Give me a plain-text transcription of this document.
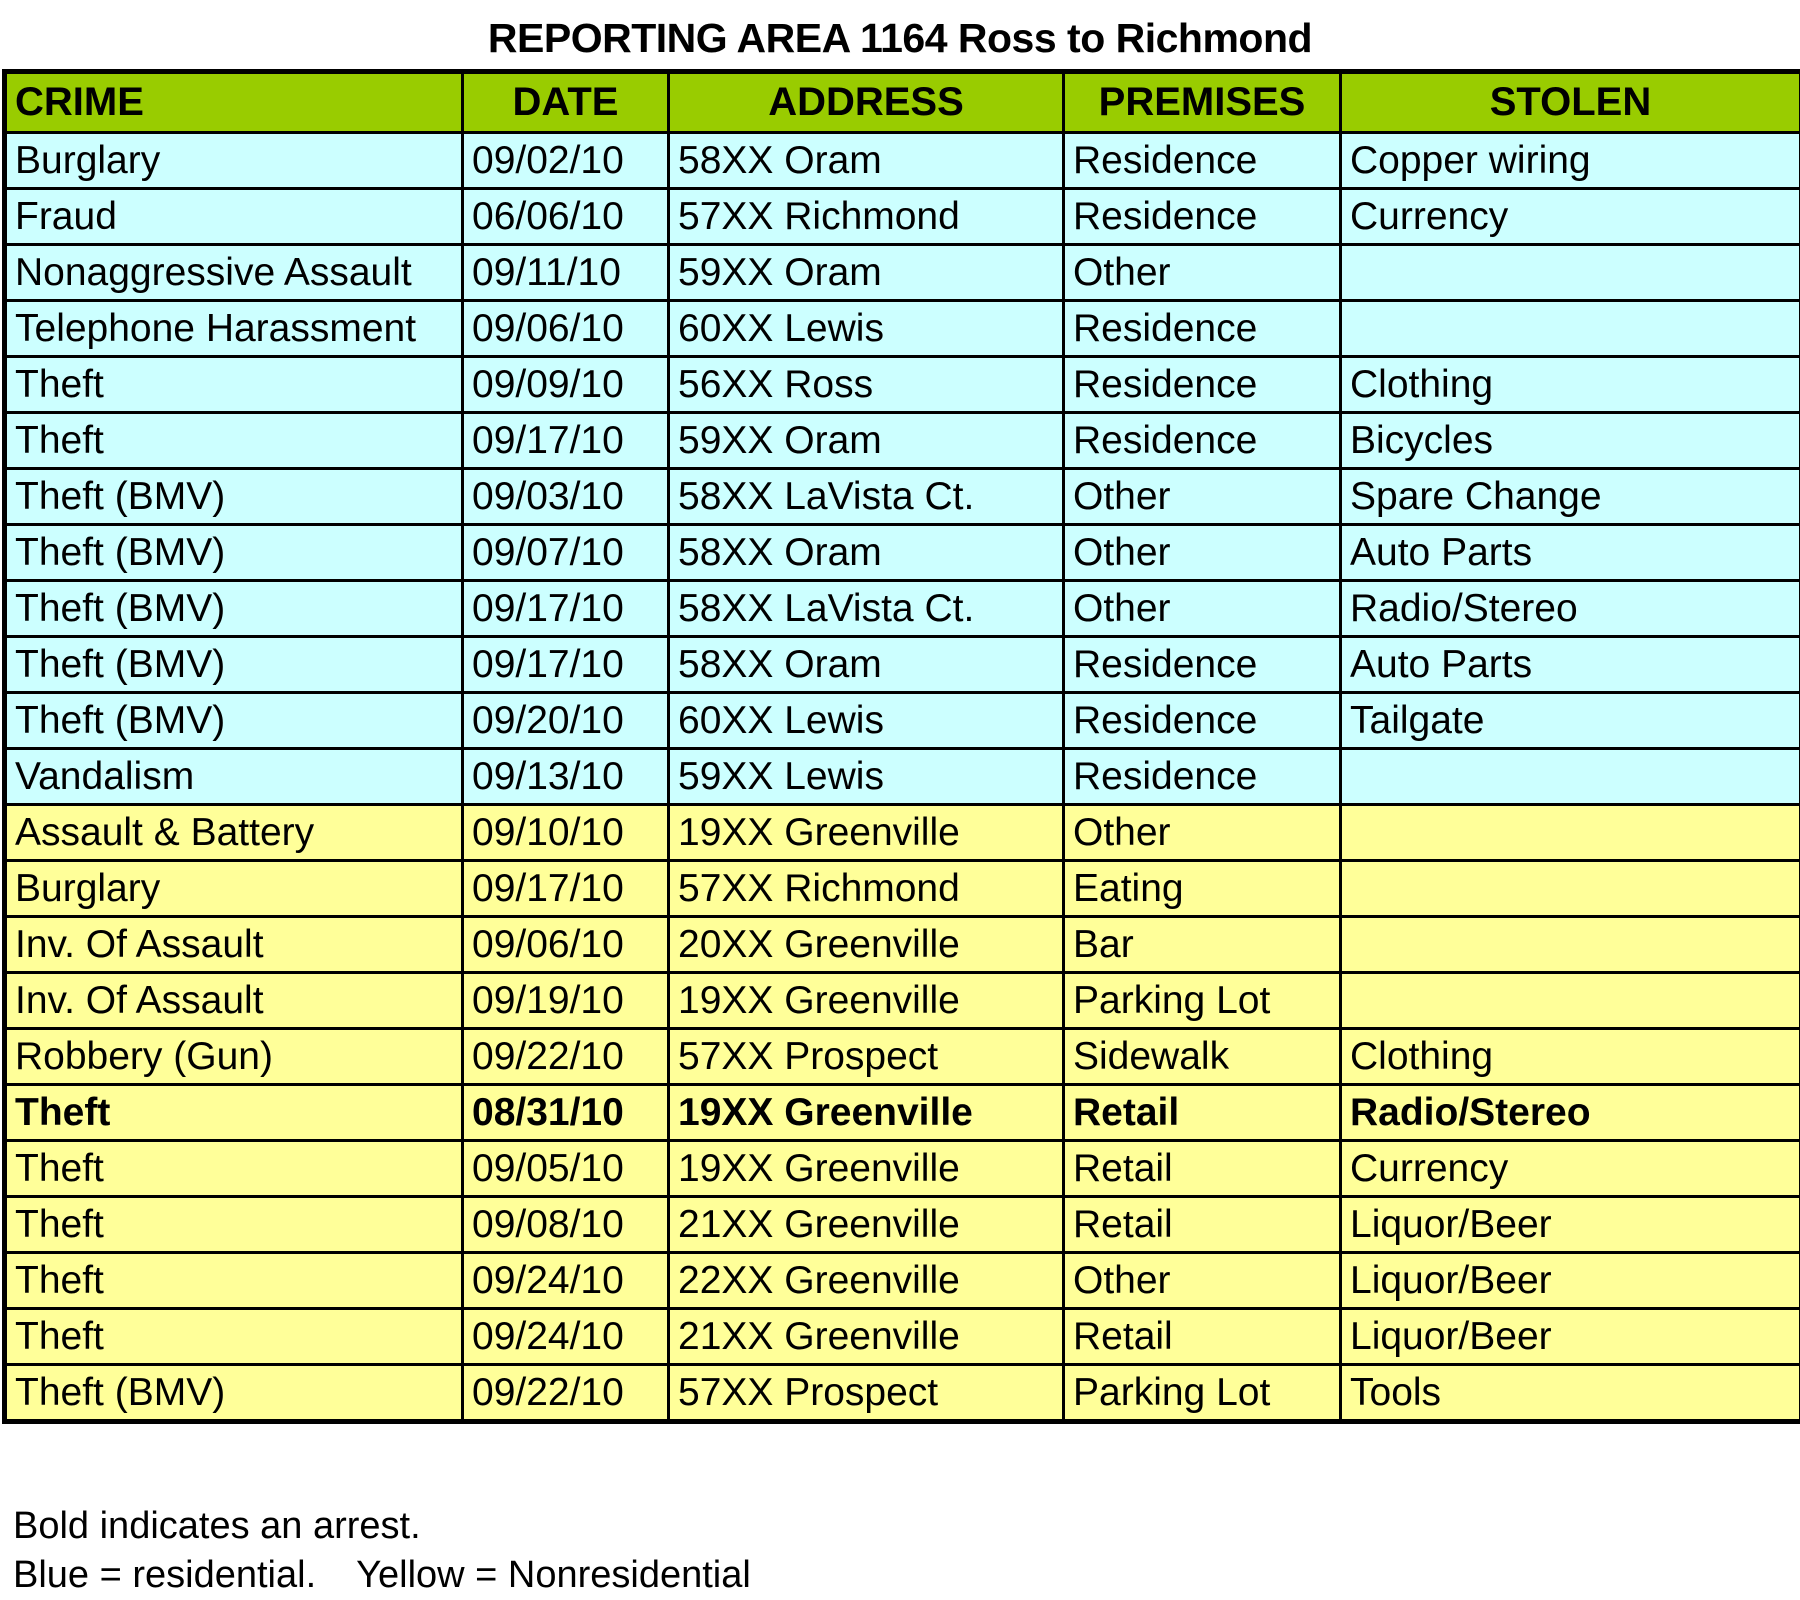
REPORTING AREA 1164 Ross to Richmond
CRIME	DATE	ADDRESS	PREMISES	STOLEN
Burglary	09/02/10	58XX Oram	Residence	Copper wiring
Fraud	06/06/10	57XX Richmond	Residence	Currency
Nonaggressive Assault	09/11/10	59XX Oram	Other	
Telephone Harassment	09/06/10	60XX Lewis	Residence	
Theft	09/09/10	56XX Ross	Residence	Clothing
Theft	09/17/10	59XX Oram	Residence	Bicycles
Theft (BMV)	09/03/10	58XX LaVista Ct.	Other	Spare Change
Theft (BMV)	09/07/10	58XX Oram	Other	Auto Parts
Theft (BMV)	09/17/10	58XX LaVista Ct.	Other	Radio/Stereo
Theft (BMV)	09/17/10	58XX Oram	Residence	Auto Parts
Theft (BMV)	09/20/10	60XX Lewis	Residence	Tailgate
Vandalism	09/13/10	59XX Lewis	Residence	
Assault & Battery	09/10/10	19XX Greenville	Other	
Burglary	09/17/10	57XX Richmond	Eating	
Inv. Of Assault	09/06/10	20XX Greenville	Bar	
Inv. Of Assault	09/19/10	19XX Greenville	Parking Lot	
Robbery (Gun)	09/22/10	57XX Prospect	Sidewalk	Clothing
Theft	08/31/10	19XX Greenville	Retail	Radio/Stereo
Theft	09/05/10	19XX Greenville	Retail	Currency
Theft	09/08/10	21XX Greenville	Retail	Liquor/Beer
Theft	09/24/10	22XX Greenville	Other	Liquor/Beer
Theft	09/24/10	21XX Greenville	Retail	Liquor/Beer
Theft (BMV)	09/22/10	57XX Prospect	Parking Lot	Tools
Bold indicates an arrest.
Blue = residential. Yellow = Nonresidential
